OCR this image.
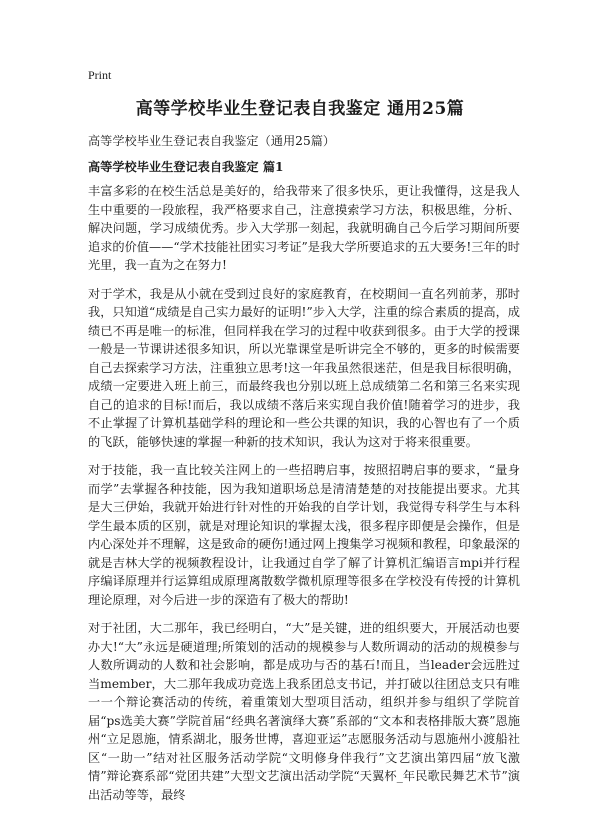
Print
高等学校毕业生登记表自我鉴定 通用25篇
高等学校毕业生登记表自我鉴定（通用25篇）
高等学校毕业生登记表自我鉴定 篇1

丰富多彩的在校生活总是美好的，给我带来了很多快乐，更让我懂得，这是我人生中重要的一段旅程，我严格要求自己，注意摸索学习方法，积极思维，分析、解决问题，学习成绩优秀。步入大学那一刻起，我就明确自己今后学习期间所要追求的价值——“学术技能社团实习考证”是我大学所要追求的五大要务!三年的时光里，我一直为之在努力!

对于学术，我是从小就在受到过良好的家庭教育，在校期间一直名列前茅，那时我，只知道“成绩是自己实力最好的证明!”步入大学，注重的综合素质的提高，成绩已不再是唯一的标准，但同样我在学习的过程中收获到很多。由于大学的授课一般是一节课讲述很多知识，所以光靠课堂是听讲完全不够的，更多的时候需要自己去探索学习方法，注重独立思考!这一年我虽然很迷茫，但是我目标很明确，成绩一定要进入班上前三，而最终我也分别以班上总成绩第二名和第三名来实现自己的追求的目标!而后，我以成绩不落后来实现自我价值!随着学习的进步，我不止掌握了计算机基础学科的理论和一些公共课的知识，我的心智也有了一个质的飞跃，能够快速的掌握一种新的技术知识，我认为这对于将来很重要。

对于技能，我一直比较关注网上的一些招聘启事，按照招聘启事的要求，“量身而学”去掌握各种技能，因为我知道职场总是清清楚楚的对技能提出要求。尤其是大三伊始，我就开始进行针对性的开始我的自学计划，我觉得专科学生与本科学生最本质的区别，就是对理论知识的掌握太浅，很多程序即便是会操作，但是内心深处并不理解，这是致命的硬伤!通过网上搜集学习视频和教程，印象最深的就是吉林大学的视频教程设计，让我通过自学了解了计算机汇编语言mpi并行程序编译原理并行运算组成原理离散数学微机原理等很多在学校没有传授的计算机理论原理，对今后进一步的深造有了极大的帮助!

对于社团，大二那年，我已经明白，“大”是关键，进的组织要大，开展活动也要办大!“大”永远是硬道理;所策划的活动的规模参与人数所调动的活动的规模参与人数所调动的人数和社会影响，都是成功与否的基石!而且，当leader会远胜过当member，大二那年我成功竞选上我系团总支书记，并打破以往团总支只有唯一一个辩论赛活动的传统，着重策划大型项目活动，组织并参与组织了学院首届“ps选美大赛”学院首届“经典名著演绎大赛”系部的“文本和表格排版大赛”恩施州“立足恩施，情系湖北，服务世博，喜迎亚运”志愿服务活动与恩施州小渡船社区“一助一”结对社区服务活动学院“文明修身伴我行”文艺演出第四届“放飞激情”辩论赛系部“党团共建”大型文艺演出活动学院“天翼杯_年民歌民舞艺术节”演出活动等等，最终
